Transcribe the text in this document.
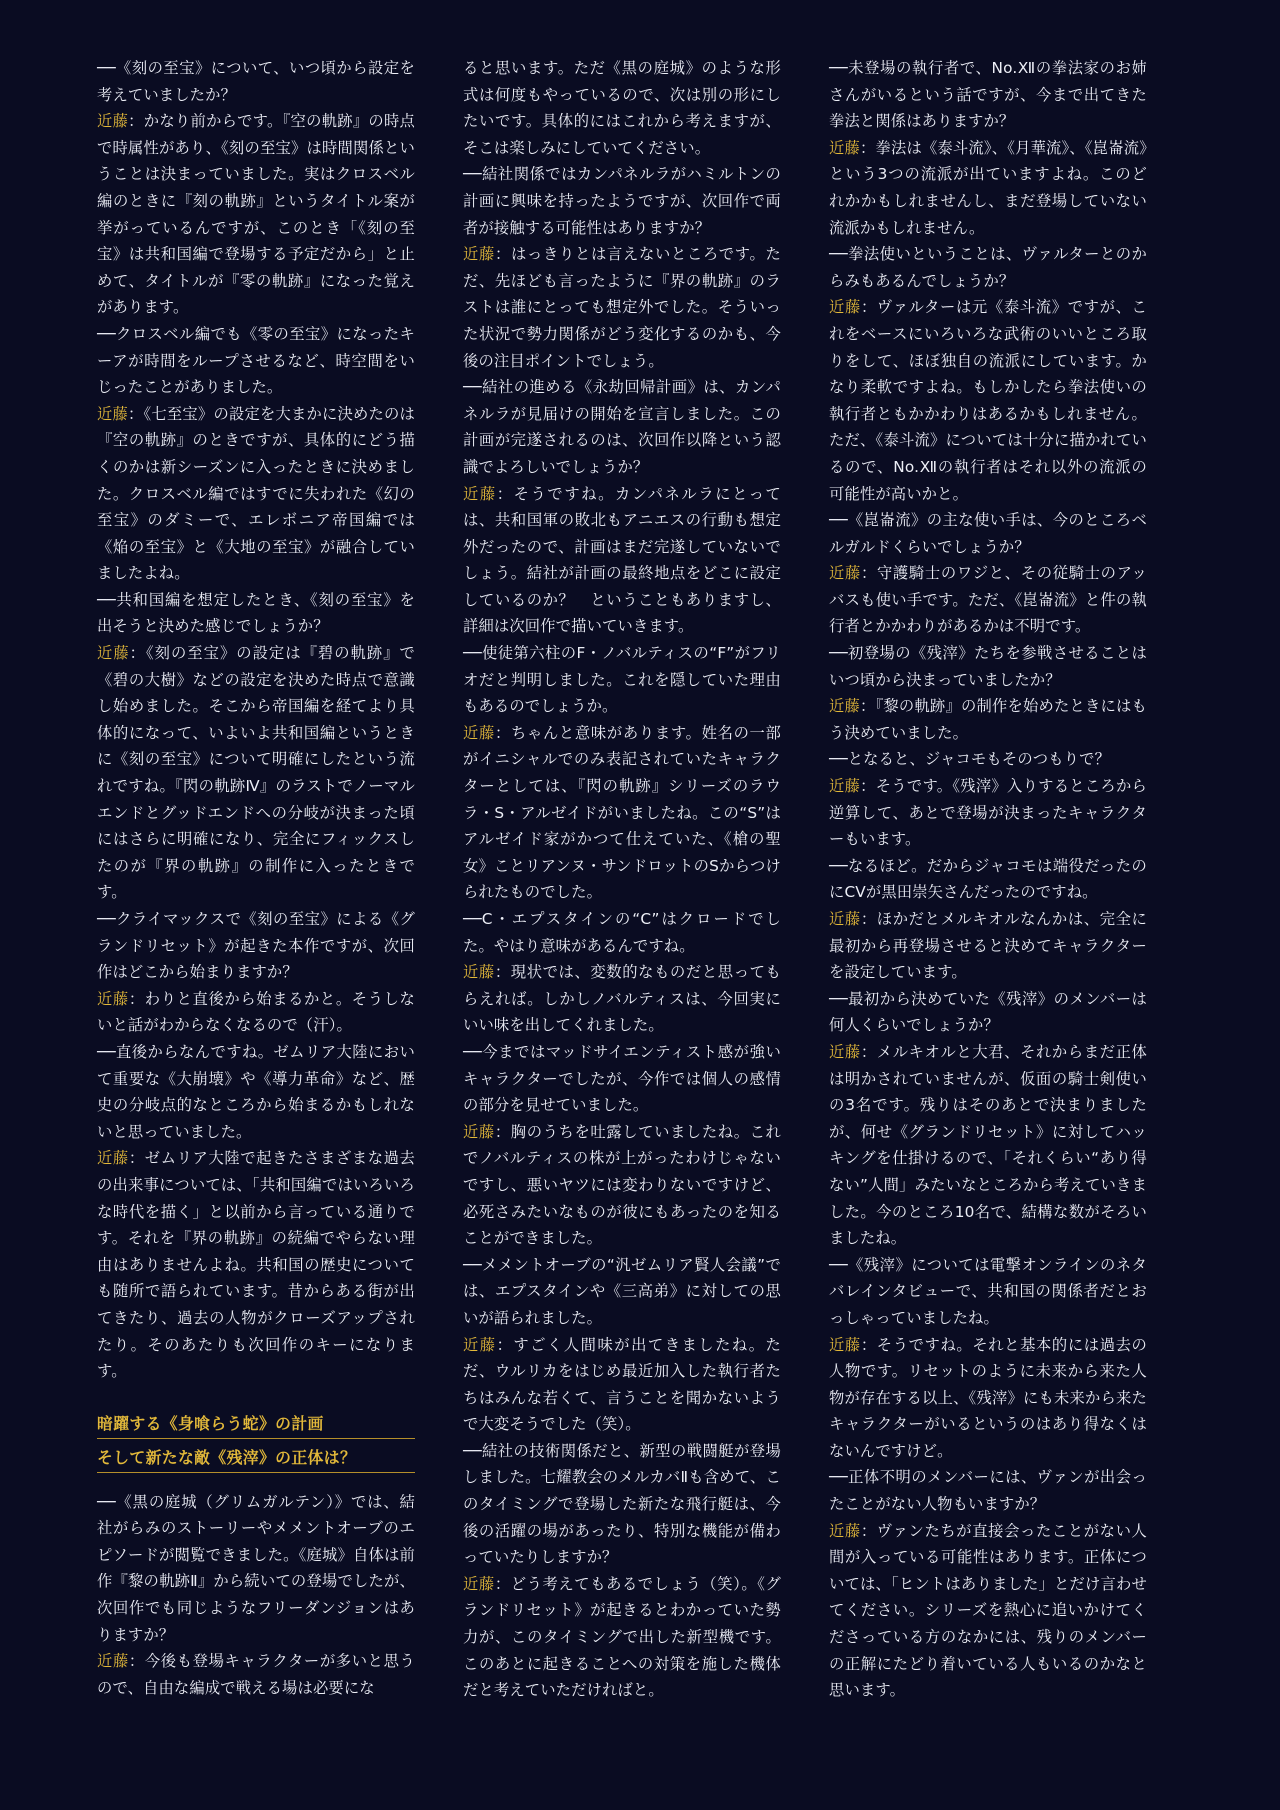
──《刻の至宝》について、いつ頃から設定を考えていましたか？

近藤：かなり前からです。『空の軌跡』の時点で時属性があり、《刻の至宝》は時間関係ということは決まっていました。実はクロスベル編のときに『刻の軌跡』というタイトル案が挙がっているんですが、このとき「《刻の至宝》は共和国編で登場する予定だから」と止めて、タイトルが『零の軌跡』になった覚えがあります。

──クロスベル編でも《零の至宝》になったキーアが時間をループさせるなど、時空間をいじったことがありました。

近藤：《七至宝》の設定を大まかに決めたのは『空の軌跡』のときですが、具体的にどう描くのかは新シーズンに入ったときに決めました。クロスベル編ではすでに失われた《幻の至宝》のダミーで、エレボニア帝国編では《焔の至宝》と《大地の至宝》が融合していましたよね。

──共和国編を想定したとき、《刻の至宝》を出そうと決めた感じでしょうか？

近藤：《刻の至宝》の設定は『碧の軌跡』で《碧の大樹》などの設定を決めた時点で意識し始めました。そこから帝国編を経てより具体的になって、いよいよ共和国編というときに《刻の至宝》について明確にしたという流れですね。『閃の軌跡Ⅳ』のラストでノーマルエンドとグッドエンドへの分岐が決まった頃にはさらに明確になり、完全にフィックスしたのが『界の軌跡』の制作に入ったときです。

──クライマックスで《刻の至宝》による《グランドリセット》が起きた本作ですが、次回作はどこから始まりますか？

近藤：わりと直後から始まるかと。そうしないと話がわからなくなるので（汗）。

──直後からなんですね。ゼムリア大陸において重要な《大崩壊》や《導力革命》など、歴史の分岐点的なところから始まるかもしれないと思っていました。

近藤：ゼムリア大陸で起きたさまざまな過去の出来事については、「共和国編ではいろいろな時代を描く」と以前から言っている通りです。それを『界の軌跡』の続編でやらない理由はありませんよね。共和国の歴史についても随所で語られています。昔からある街が出てきたり、過去の人物がクローズアップされたり。そのあたりも次回作のキーになります。

暗躍する《身喰らう蛇》の計画
そして新たな敵《残滓》の正体は？

──《黒の庭城（グリムガルテン）》では、結社がらみのストーリーやメメントオーブのエピソードが閲覧できました。《庭城》自体は前作『黎の軌跡Ⅱ』から続いての登場でしたが、次回作でも同じようなフリーダンジョンはありますか？

近藤：今後も登場キャラクターが多いと思うので、自由な編成で戦える場は必要にな

ると思います。ただ《黒の庭城》のような形式は何度もやっているので、次は別の形にしたいです。具体的にはこれから考えますが、そこは楽しみにしていてください。

──結社関係ではカンパネルラがハミルトンの計画に興味を持ったようですが、次回作で両者が接触する可能性はありますか？

近藤：はっきりとは言えないところです。ただ、先ほども言ったように『界の軌跡』のラストは誰にとっても想定外でした。そういった状況で勢力関係がどう変化するのかも、今後の注目ポイントでしょう。

──結社の進める《永劫回帰計画》は、カンパネルラが見届けの開始を宣言しました。この計画が完遂されるのは、次回作以降という認識でよろしいでしょうか？

近藤：そうですね。カンパネルラにとっては、共和国軍の敗北もアニエスの行動も想定外だったので、計画はまだ完遂していないでしょう。結社が計画の最終地点をどこに設定しているのか？　ということもありますし、詳細は次回作で描いていきます。

──使徒第六柱のF・ノバルティスの“F”がフリオだと判明しました。これを隠していた理由もあるのでしょうか。

近藤：ちゃんと意味があります。姓名の一部がイニシャルでのみ表記されていたキャラクターとしては、『閃の軌跡』シリーズのラウラ・S・アルゼイドがいましたね。この“S”はアルゼイド家がかつて仕えていた、《槍の聖女》ことリアンヌ・サンドロットのSからつけられたものでした。

──C・エプスタインの“C”はクロードでした。やはり意味があるんですね。

近藤：現状では、変数的なものだと思ってもらえれば。しかしノバルティスは、今回実にいい味を出してくれました。

──今まではマッドサイエンティスト感が強いキャラクターでしたが、今作では個人の感情の部分を見せていました。

近藤：胸のうちを吐露していましたね。これでノバルティスの株が上がったわけじゃないですし、悪いヤツには変わりないですけど、必死さみたいなものが彼にもあったのを知ることができました。

──メメントオーブの“汎ゼムリア賢人会議”では、エプスタインや《三高弟》に対しての思いが語られました。

近藤：すごく人間味が出てきましたね。ただ、ウルリカをはじめ最近加入した執行者たちはみんな若くて、言うことを聞かないようで大変そうでした（笑）。

──結社の技術関係だと、新型の戦闘艇が登場しました。七耀教会のメルカバⅡも含めて、このタイミングで登場した新たな飛行艇は、今後の活躍の場があったり、特別な機能が備わっていたりしますか？

近藤：どう考えてもあるでしょう（笑）。《グランドリセット》が起きるとわかっていた勢力が、このタイミングで出した新型機です。このあとに起きることへの対策を施した機体だと考えていただければと。

──未登場の執行者で、No.Ⅻの拳法家のお姉さんがいるという話ですが、今まで出てきた拳法と関係はありますか？

近藤：拳法は《泰斗流》、《月華流》、《崑崙流》という3つの流派が出ていますよね。このどれかかもしれませんし、まだ登場していない流派かもしれません。

──拳法使いということは、ヴァルターとのからみもあるんでしょうか？

近藤：ヴァルターは元《泰斗流》ですが、これをベースにいろいろな武術のいいところ取りをして、ほぼ独自の流派にしています。かなり柔軟ですよね。もしかしたら拳法使いの執行者ともかかわりはあるかもしれません。ただ、《泰斗流》については十分に描かれているので、No.Ⅻの執行者はそれ以外の流派の可能性が高いかと。

──《崑崙流》の主な使い手は、今のところベルガルドくらいでしょうか？

近藤：守護騎士のワジと、その従騎士のアッバスも使い手です。ただ、《崑崙流》と件の執行者とかかわりがあるかは不明です。

──初登場の《残滓》たちを参戦させることはいつ頃から決まっていましたか？

近藤：『黎の軌跡』の制作を始めたときにはもう決めていました。

──となると、ジャコモもそのつもりで？

近藤：そうです。《残滓》入りするところから逆算して、あとで登場が決まったキャラクターもいます。

──なるほど。だからジャコモは端役だったのにCVが黒田崇矢さんだったのですね。

近藤：ほかだとメルキオルなんかは、完全に最初から再登場させると決めてキャラクターを設定しています。

──最初から決めていた《残滓》のメンバーは何人くらいでしょうか？

近藤：メルキオルと大君、それからまだ正体は明かされていませんが、仮面の騎士剣使いの3名です。残りはそのあとで決まりましたが、何せ《グランドリセット》に対してハッキングを仕掛けるので、「それくらい“あり得ない”人間」みたいなところから考えていきました。今のところ10名で、結構な数がそろいましたね。

──《残滓》については電撃オンラインのネタバレインタビューで、共和国の関係者だとおっしゃっていましたね。

近藤：そうですね。それと基本的には過去の人物です。リセットのように未来から来た人物が存在する以上、《残滓》にも未来から来たキャラクターがいるというのはあり得なくはないんですけど。

──正体不明のメンバーには、ヴァンが出会ったことがない人物もいますか？

近藤：ヴァンたちが直接会ったことがない人間が入っている可能性はあります。正体については、「ヒントはありました」とだけ言わせてください。シリーズを熱心に追いかけてくださっている方のなかには、残りのメンバーの正解にたどり着いている人もいるのかなと思います。
